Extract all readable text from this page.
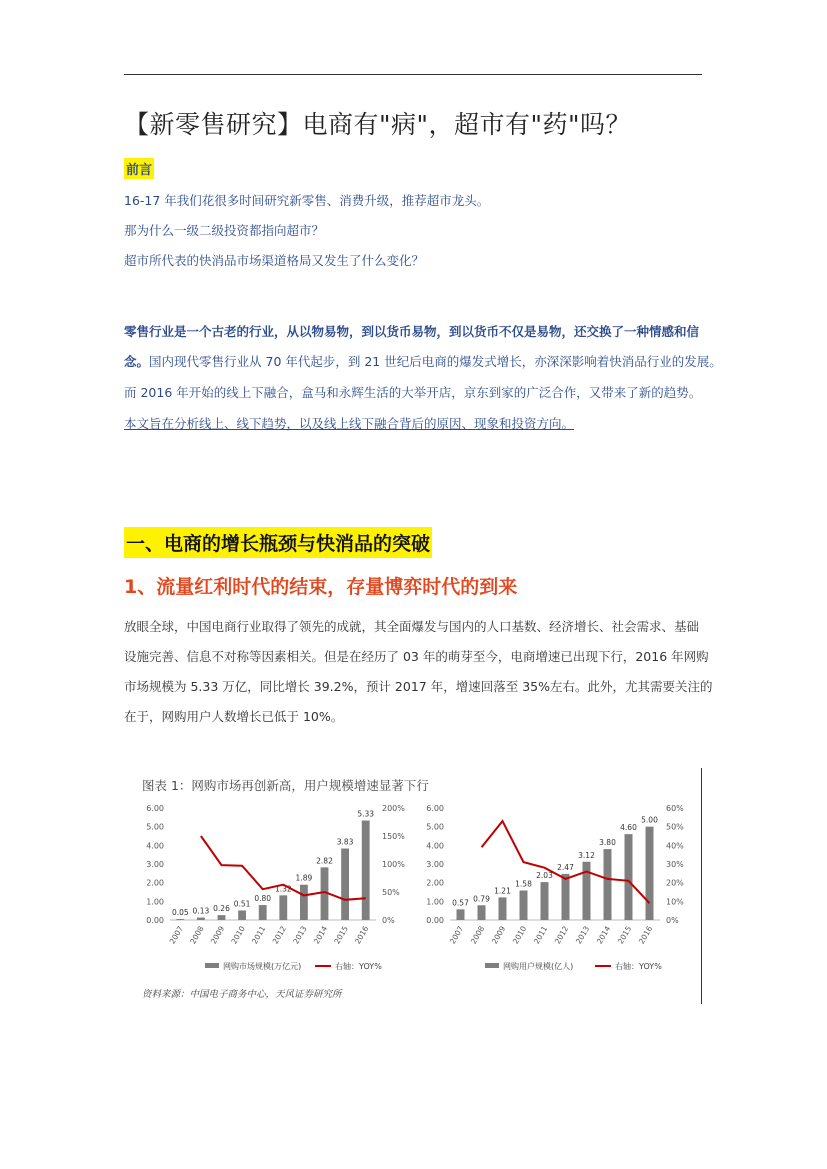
【新零售研究】电商有"病"，超市有"药"吗？
前言
16-17 年我们花很多时间研究新零售、消费升级，推荐超市龙头。
那为什么一级二级投资都指向超市？
超市所代表的快消品市场渠道格局又发生了什么变化？
零售行业是一个古老的行业，从以物易物，到以货币易物，到以货币不仅是易物，还交换了一种情感和信
念。国内现代零售行业从 70 年代起步，到 21 世纪后电商的爆发式增长，亦深深影响着快消品行业的发展。
而 2016 年开始的线上下融合，盒马和永辉生活的大举开店，京东到家的广泛合作，又带来了新的趋势。
本文旨在分析线上、线下趋势，以及线上线下融合背后的原因、现象和投资方向。
一、电商的增长瓶颈与快消品的突破
1、流量红利时代的结束，存量博弈时代的到来
放眼全球，中国电商行业取得了领先的成就，其全面爆发与国内的人口基数、经济增长、社会需求、基础
设施完善、信息不对称等因素相关。但是在经历了 03 年的萌芽至今，电商增速已出现下行，2016 年网购
市场规模为 5.33 万亿，同比增长 39.2%，预计 2017 年，增速回落至 35%左右。此外，尤其需要关注的
在于，网购用户人数增长已低于 10%。
图表 1：网购市场再创新高，用户规模增速显著下行
0.00
1.00
2.00
3.00
4.00
5.00
6.00
0%
50%
100%
150%
200%
0.05
2007
0.13
2008
0.26
2009
0.51
2010
0.80
2011
1.32
2012
1.89
2013
2.82
2014
3.83
2015
5.33
2016
网购市场规模(万亿元)	右轴：YOY%
0.00
1.00
2.00
3.00
4.00
5.00
6.00
0%
10%
20%
30%
40%
50%
60%
0.57
2007
0.79
2008
1.21
2009
1.58
2010
2.03
2011
2.47
2012
3.12
2013
3.80
2014
4.60
2015
5.00
2016
网购用户规模(亿人)	右轴：YOY%
资料来源：中国电子商务中心，天风证券研究所
